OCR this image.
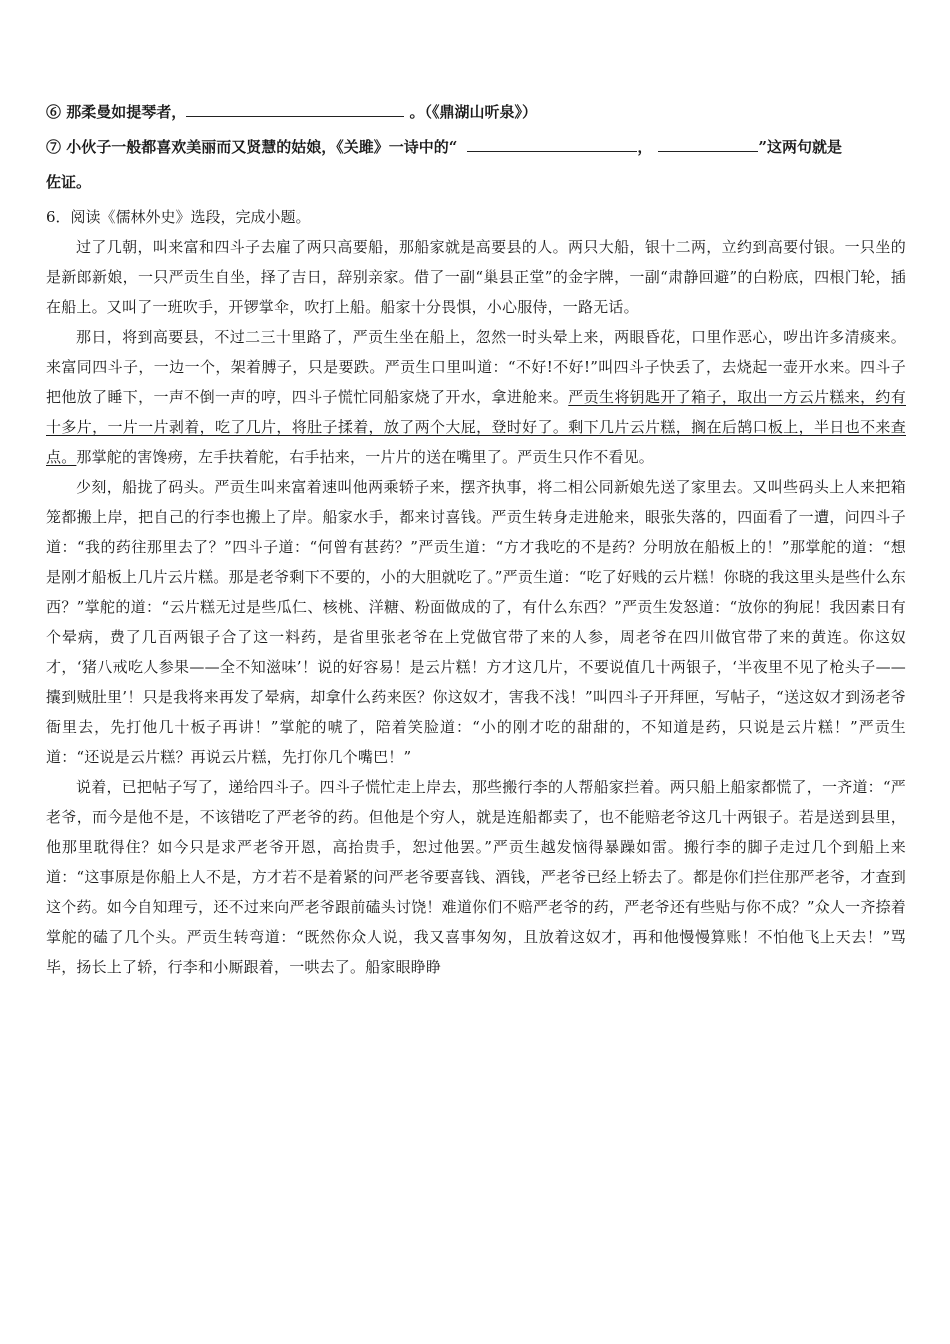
⑥ 那柔曼如提琴者，	。（《鼎湖山听泉》）
⑦ 小伙子一般都喜欢美丽而又贤慧的姑娘，《关雎》一诗中的“	，	”这两句就是
佐证。
6．阅读《儒林外史》选段，完成小题。

过了几朝，叫来富和四斗子去雇了两只高要船，那船家就是高要县的人。两只大船，银十二两，立约到高要付银。一只坐的是新郎新娘，一只严贡生自坐，择了吉日，辞别亲家。借了一副“巢县正堂”的金字牌，一副“肃静回避”的白粉底，四根门轮，插在船上。又叫了一班吹手，开锣掌伞，吹打上船。船家十分畏惧，小心服侍，一路无话。

那日，将到高要县，不过二三十里路了，严贡生坐在船上，忽然一时头晕上来，两眼昏花，口里作恶心，哕出许多清痰来。来富同四斗子，一边一个，架着膊子，只是要跌。严贡生口里叫道：“不好!不好!”叫四斗子快丢了，去烧起一壶开水来。四斗子把他放了睡下，一声不倒一声的哼，四斗子慌忙同船家烧了开水，拿进舱来。严贡生将钥匙开了箱子，取出一方云片糕来，约有十多片，一片一片剥着，吃了几片，将肚子揉着，放了两个大屁，登时好了。剩下几片云片糕，搁在后鹄口板上，半日也不来查点。那掌舵的害馋痨，左手扶着舵，右手拈来，一片片的送在嘴里了。严贡生只作不看见。

少刻，船拢了码头。严贡生叫来富着速叫他两乘轿子来，摆齐执事，将二相公同新娘先送了家里去。又叫些码头上人来把箱笼都搬上岸，把自己的行李也搬上了岸。船家水手，都来讨喜钱。严贡生转身走进舱来，眼张失落的，四面看了一遭，问四斗子道：“我的药往那里去了？”四斗子道：“何曾有甚药？”严贡生道：“方才我吃的不是药？分明放在船板上的！”那掌舵的道：“想是刚才船板上几片云片糕。那是老爷剩下不要的，小的大胆就吃了。”严贡生道：“吃了好贱的云片糕！你晓的我这里头是些什么东西？”掌舵的道：“云片糕无过是些瓜仁、核桃、洋糖、粉面做成的了，有什么东西？”严贡生发怒道：“放你的狗屁！我因素日有个晕病，费了几百两银子合了这一料药，是省里张老爷在上党做官带了来的人参，周老爷在四川做官带了来的黄连。你这奴才，‘猪八戒吃人参果——全不知滋味’！说的好容易！是云片糕！方才这几片，不要说值几十两银子，‘半夜里不见了枪头子——攮到贼肚里’！只是我将来再发了晕病，却拿什么药来医？你这奴才，害我不浅！”叫四斗子开拜匣，写帖子，“送这奴才到汤老爷衙里去，先打他几十板子再讲！”掌舵的唬了，陪着笑脸道：“小的刚才吃的甜甜的，不知道是药，只说是云片糕！”严贡生道：“还说是云片糕？再说云片糕，先打你几个嘴巴！”

说着，已把帖子写了，递给四斗子。四斗子慌忙走上岸去，那些搬行李的人帮船家拦着。两只船上船家都慌了，一齐道：“严老爷，而今是他不是，不该错吃了严老爷的药。但他是个穷人，就是连船都卖了，也不能赔老爷这几十两银子。若是送到县里，他那里耽得住？如今只是求严老爷开恩，高抬贵手，恕过他罢。”严贡生越发恼得暴躁如雷。搬行李的脚子走过几个到船上来道：“这事原是你船上人不是，方才若不是着紧的问严老爷要喜钱、酒钱，严老爷已经上轿去了。都是你们拦住那严老爷，才查到这个药。如今自知理亏，还不过来向严老爷跟前磕头讨饶！难道你们不赔严老爷的药，严老爷还有些贴与你不成？”众人一齐捺着掌舵的磕了几个头。严贡生转弯道：“既然你众人说，我又喜事匆匆，且放着这奴才，再和他慢慢算账！不怕他飞上天去！”骂毕，扬长上了轿，行李和小厮跟着，一哄去了。船家眼睁睁
